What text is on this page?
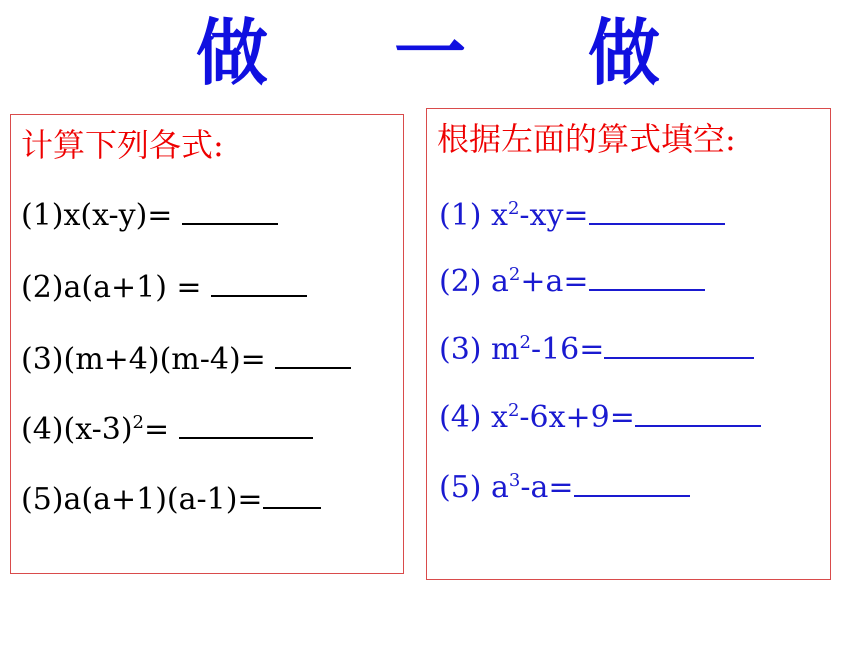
做 一 做
计算下列各式:
(1)x(x-y)=
(2)a(a+1) =
(3)(m+4)(m-4)=
$(4)(x-3)^2=$
(5)a(a+1)(a-1)=
根据左面的算式填空:
(1) $x^2-xy=$
(2) $a^2+a=$
(3) $m^2-16=$
(4) $x^2-6x+9=$
(5) $a^3-a=$
